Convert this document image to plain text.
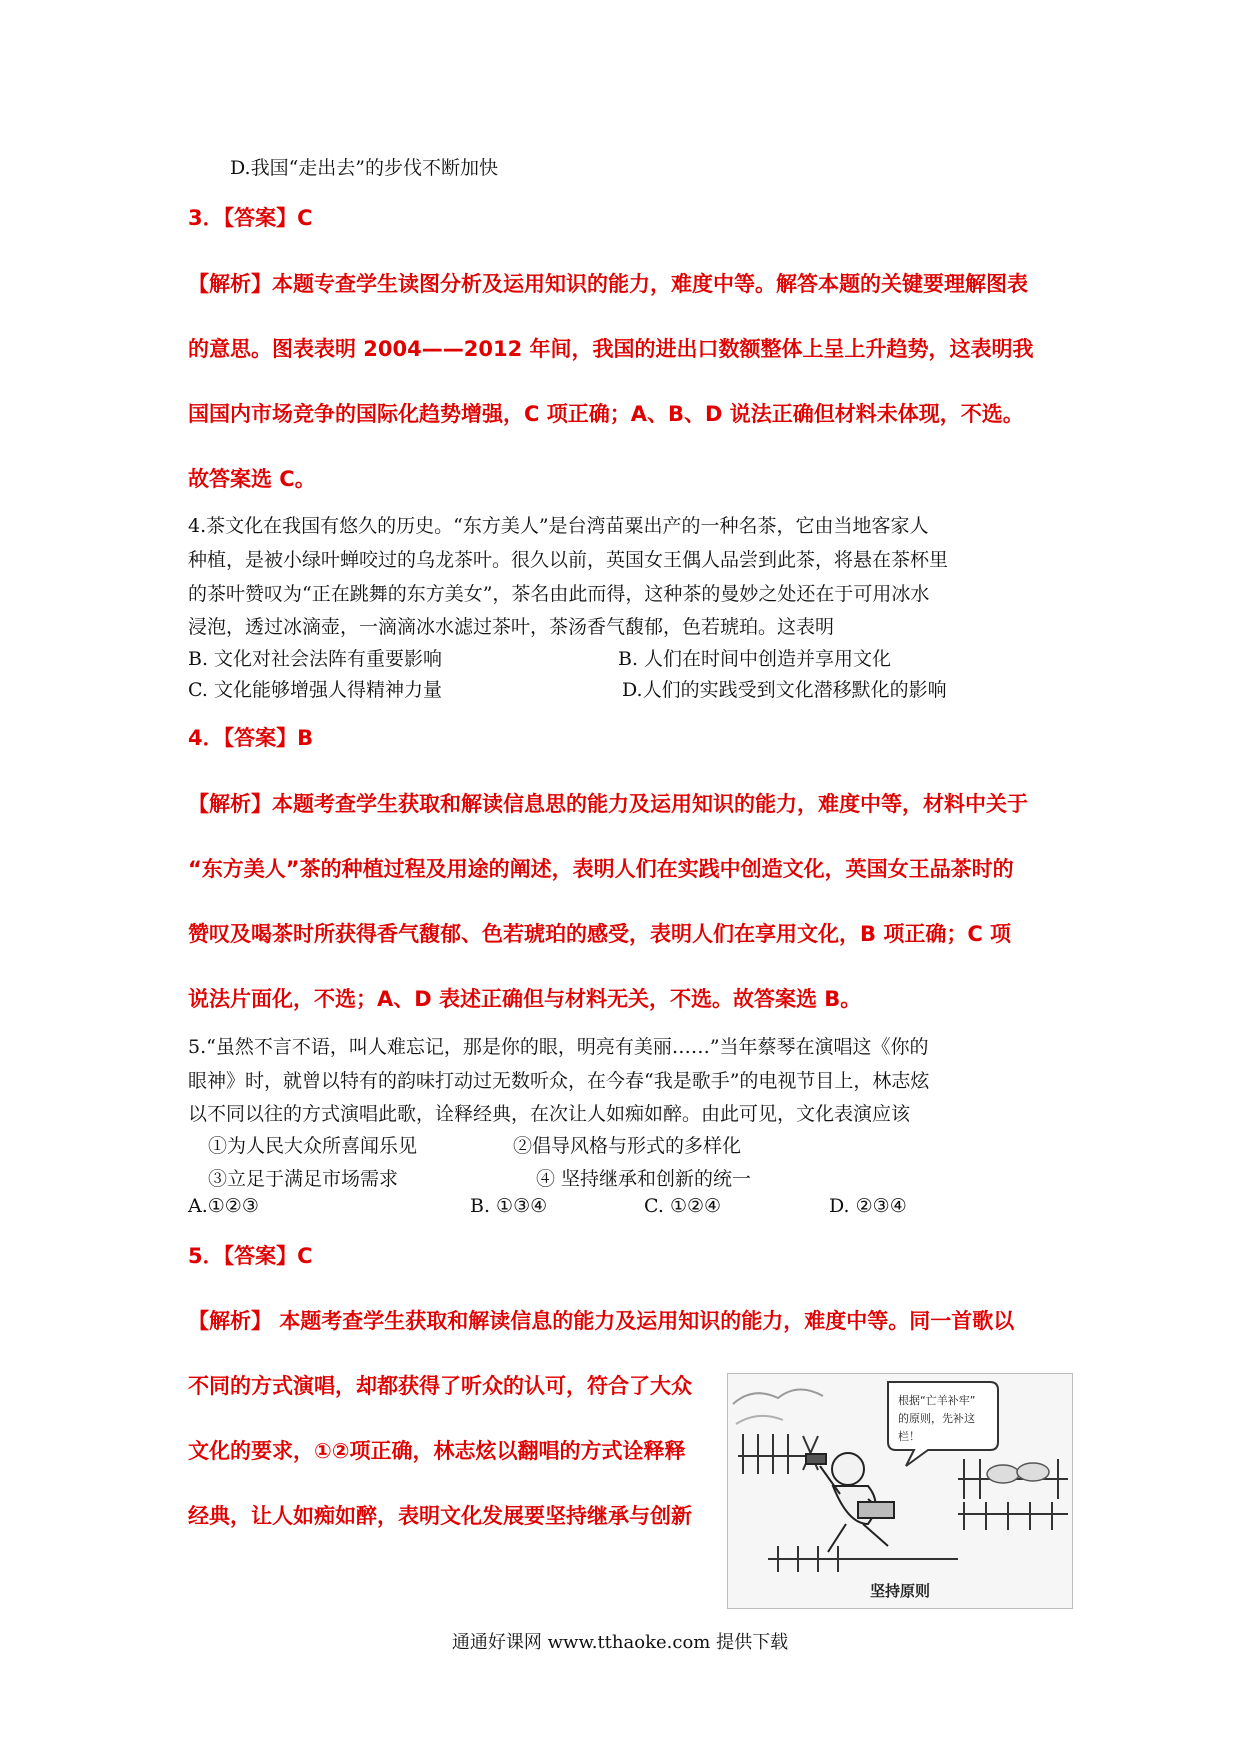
D.我国“走出去”的步伐不断加快
3．【答案】C
【解析】本题专查学生读图分析及运用知识的能力，难度中等。解答本题的关键要理解图表
的意思。图表表明 2004——2012 年间，我国的进出口数额整体上呈上升趋势，这表明我
国国内市场竞争的国际化趋势增强，C 项正确；A、B、D 说法正确但材料未体现，不选。
故答案选 C。
4.茶文化在我国有悠久的历史。“东方美人”是台湾苗粟出产的一种名茶，它由当地客家人
种植，是被小绿叶蝉咬过的乌龙茶叶。很久以前，英国女王偶人品尝到此茶，将悬在茶杯里
的茶叶赞叹为“正在跳舞的东方美女”，茶名由此而得，这种茶的曼妙之处还在于可用冰水
浸泡，透过冰滴壶，一滴滴冰水滤过茶叶，茶汤香气馥郁，色若琥珀。这表明
B. 文化对社会法阵有重要影响	B. 人们在时间中创造并享用文化
C. 文化能够增强人得精神力量	D.人们的实践受到文化潜移默化的影响
4．【答案】B
【解析】本题考查学生获取和解读信息思的能力及运用知识的能力，难度中等，材料中关于
“东方美人”茶的种植过程及用途的阐述，表明人们在实践中创造文化，英国女王品茶时的
赞叹及喝茶时所获得香气馥郁、色若琥珀的感受，表明人们在享用文化，B 项正确；C 项
说法片面化，不选；A、D 表述正确但与材料无关，不选。故答案选 B。
5.“虽然不言不语，叫人难忘记，那是你的眼，明亮有美丽……”当年蔡琴在演唱这《你的
眼神》时，就曾以特有的韵味打动过无数听众，在今春“我是歌手”的电视节目上，林志炫
以不同以往的方式演唱此歌，诠释经典，在次让人如痴如醉。由此可见，文化表演应该
①为人民大众所喜闻乐见	②倡导风格与形式的多样化
③立足于满足市场需求	④ 坚持继承和创新的统一
A.①②③	B. ①③④	C. ①②④	D. ②③④
5．【答案】C
【解析】 本题考查学生获取和解读信息的能力及运用知识的能力，难度中等。同一首歌以
不同的方式演唱，却都获得了听众的认可，符合了大众
文化的要求，①②项正确，林志炫以翻唱的方式诠释释
经典，让人如痴如醉，表明文化发展要坚持继承与创新
根据“亡羊补牢”
的原则，先补这
栏！
坚持原则
通通好课网 www.tthaoke.com 提供下载
